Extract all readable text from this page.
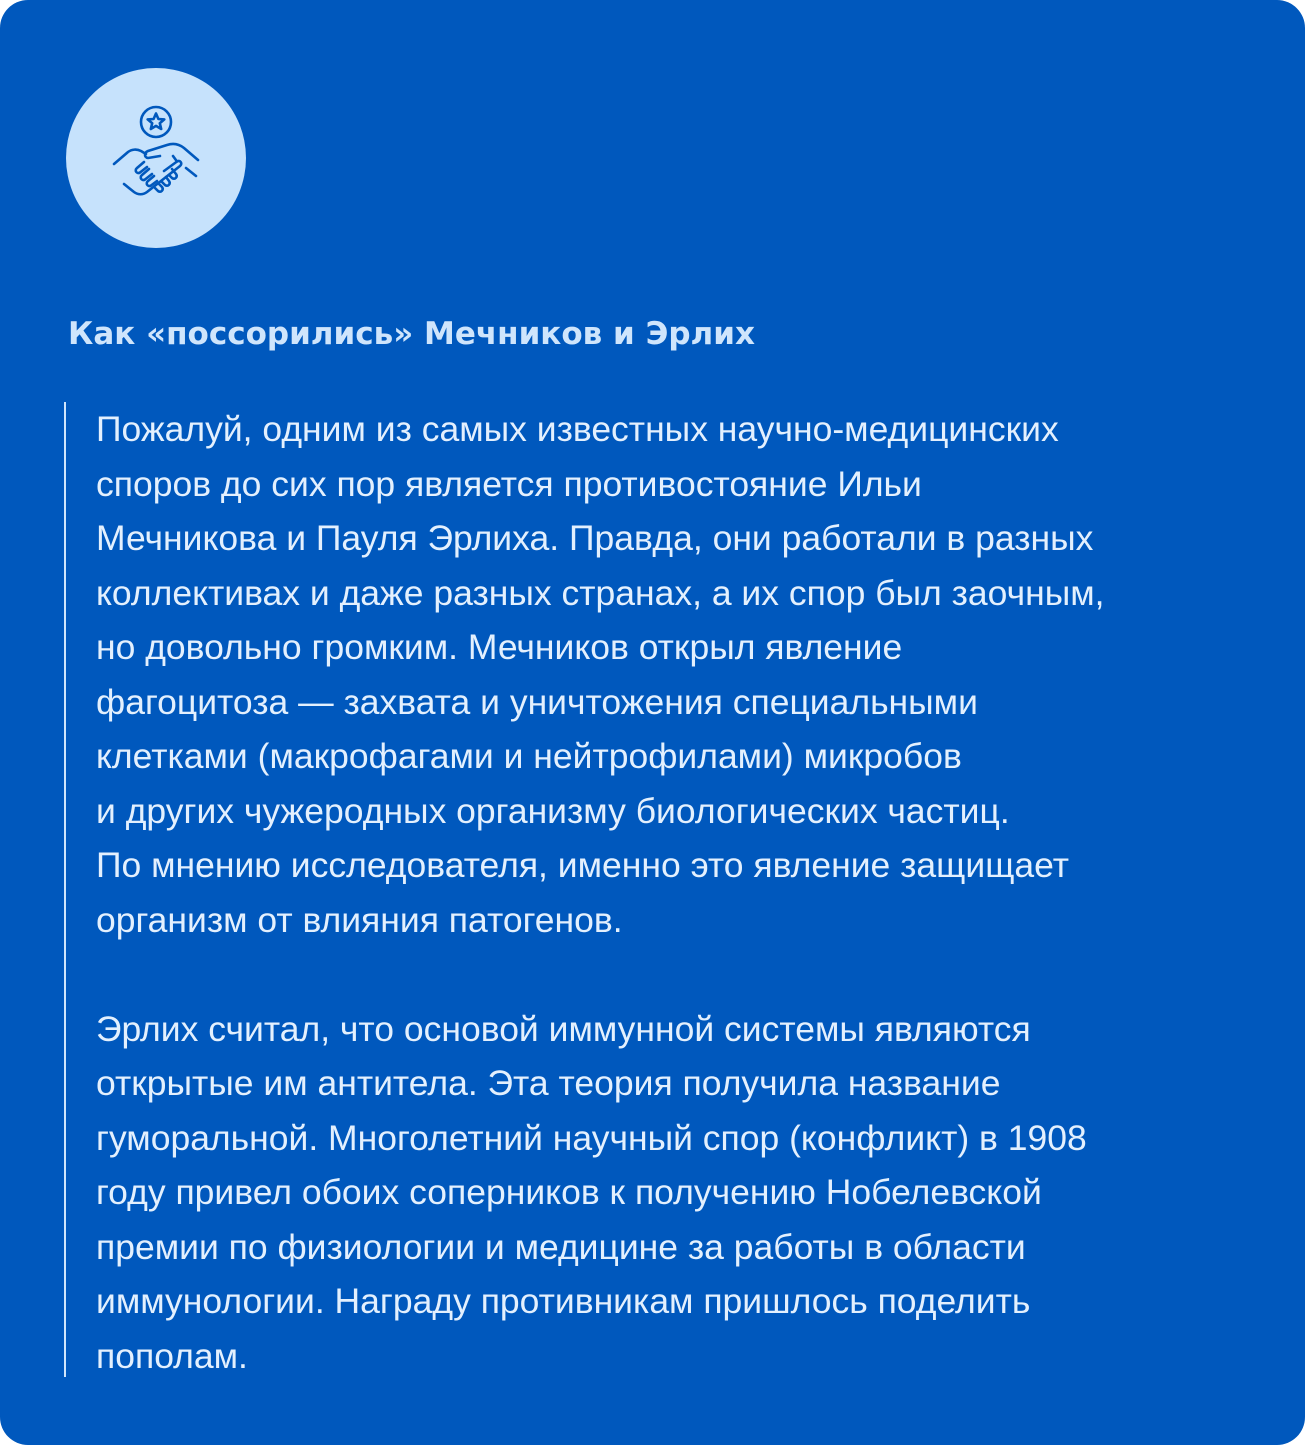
Как «поссорились» Мечников и Эрлих

Пожалуй, одним из самых известных научно-медицинских
споров до сих пор является противостояние Ильи
Мечникова и Пауля Эрлиха. Правда, они работали в разных
коллективах и даже разных странах, а их спор был заочным,
но довольно громким. Мечников открыл явление
фагоцитоза — захвата и уничтожения специальными
клетками (макрофагами и нейтрофилами) микробов
и других чужеродных организму биологических частиц.
По мнению исследователя, именно это явление защищает
организм от влияния патогенов.

Эрлих считал, что основой иммунной системы являются
открытые им антитела. Эта теория получила название
гуморальной. Многолетний научный спор (конфликт) в 1908
году привел обоих соперников к получению Нобелевской
премии по физиологии и медицине за работы в области
иммунологии. Награду противникам пришлось поделить
пополам.
